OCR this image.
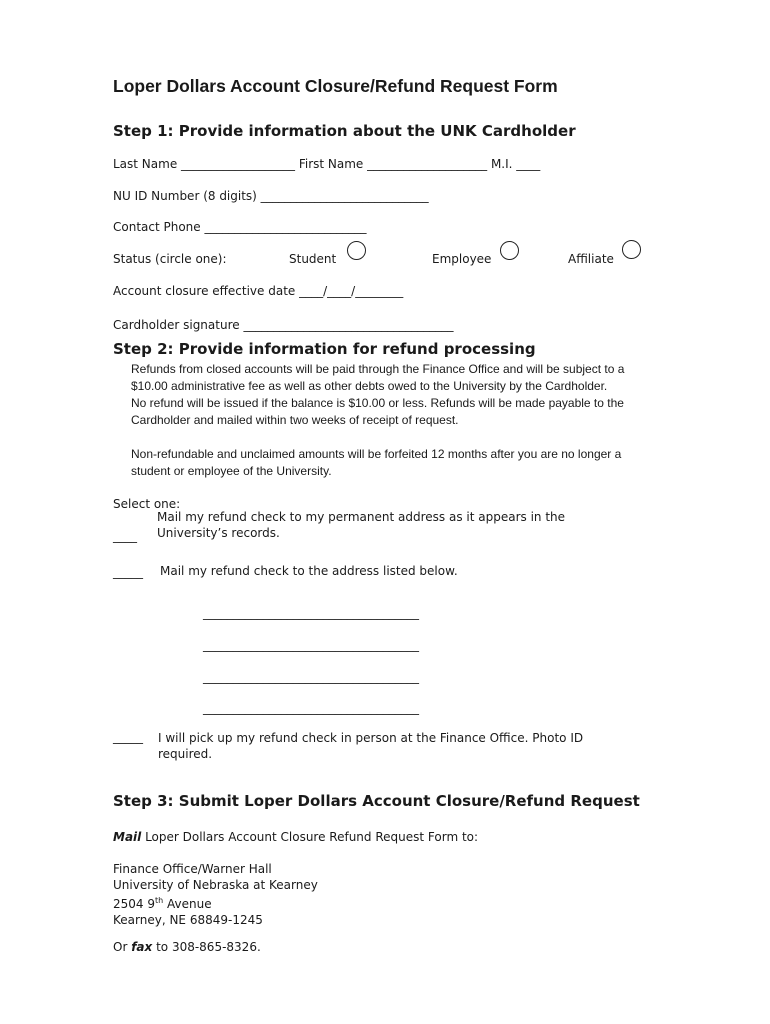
Loper Dollars Account Closure/Refund Request Form
Step 1: Provide information about the UNK Cardholder
Last Name ___________________ First Name ____________________ M.I. ____
NU ID Number (8 digits) ____________________________
Contact Phone ___________________________
Status (circle one):	Student	Employee	Affiliate
Account closure effective date ____/____/________
Cardholder signature ___________________________________
Step 2: Provide information for refund processing
Refunds from closed accounts will be paid through the Finance Office and will be subject to a
$10.00 administrative fee as well as other debts owed to the University by the Cardholder.
No refund will be issued if the balance is $10.00 or less. Refunds will be made payable to the
Cardholder and mailed within two weeks of receipt of request.
Non-refundable and unclaimed amounts will be forfeited 12 months after you are no longer a
student or employee of the University.
Select one:
____
Mail my refund check to my permanent address as it appears in the
University’s records.
_____ Mail my refund check to the address listed below.
____________________________________
____________________________________
____________________________________
____________________________________
_____ I will pick up my refund check in person at the Finance Office. Photo ID
required.
Step 3: Submit Loper Dollars Account Closure/Refund Request
Mail Loper Dollars Account Closure Refund Request Form to:
Finance Office/Warner Hall
University of Nebraska at Kearney
2504 9th Avenue
Kearney, NE 68849-1245
Or fax to 308-865-8326.
